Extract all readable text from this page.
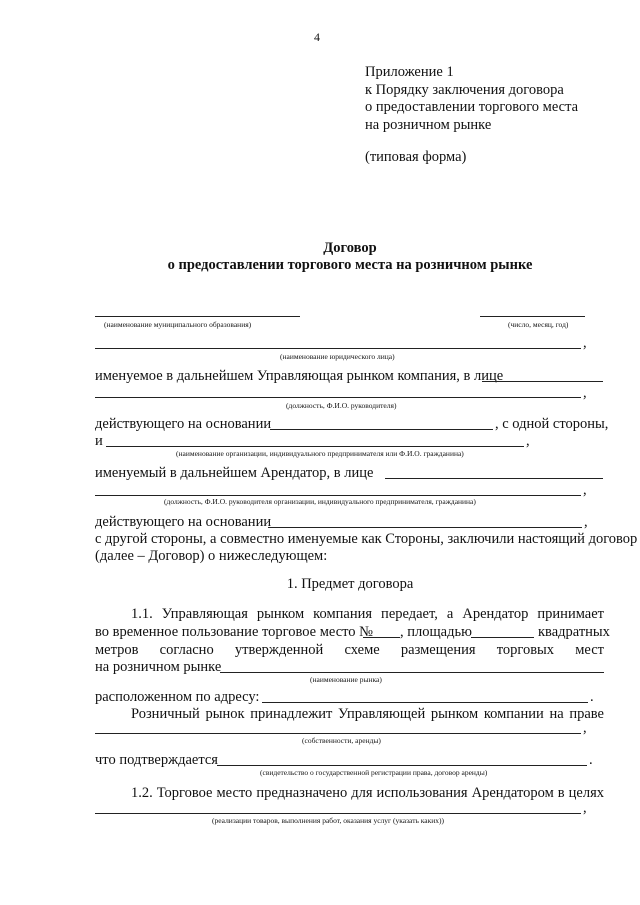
4
Приложение 1
к Порядку заключения договора
о предоставлении торгового места
на розничном рынке
(типовая форма)
Договор
о предоставлении торгового места на розничном рынке
(наименование муниципального образования)	(число, месяц, год)
,
(наименование юридического лица)
именуемое в дальнейшем Управляющая рынком компания, в лице
,
(должность, Ф.И.О. руководителя)
действующего на основании	, с одной стороны,
и	,
(наименование организации, индивидуального предпринимателя или Ф.И.О. гражданина)
именуемый в дальнейшем Арендатор, в лице
,
(должность, Ф.И.О. руководителя организации, индивидуального предпринимателя, гражданина)
действующего на основании	,
с другой стороны, а совместно именуемые как Стороны, заключили настоящий договор
(далее – Договор) о нижеследующем:
1. Предмет договора
1.1. Управляющая рынком компания передает, а Арендатор принимает
во временное пользование торговое место № , площадью	квадратных
метров согласно утвержденной схеме размещения торговых мест
на розничном рынке
(наименование рынка)
расположенном по адресу:	.
Розничный рынок принадлежит Управляющей рынком компании на праве
,
(собственности, аренды)
что подтверждается	.
(свидетельство о государственной регистрации права, договор аренды)
1.2. Торговое место предназначено для использования Арендатором в целях
,
(реализации товаров, выполнения работ, оказания услуг (указать каких))
